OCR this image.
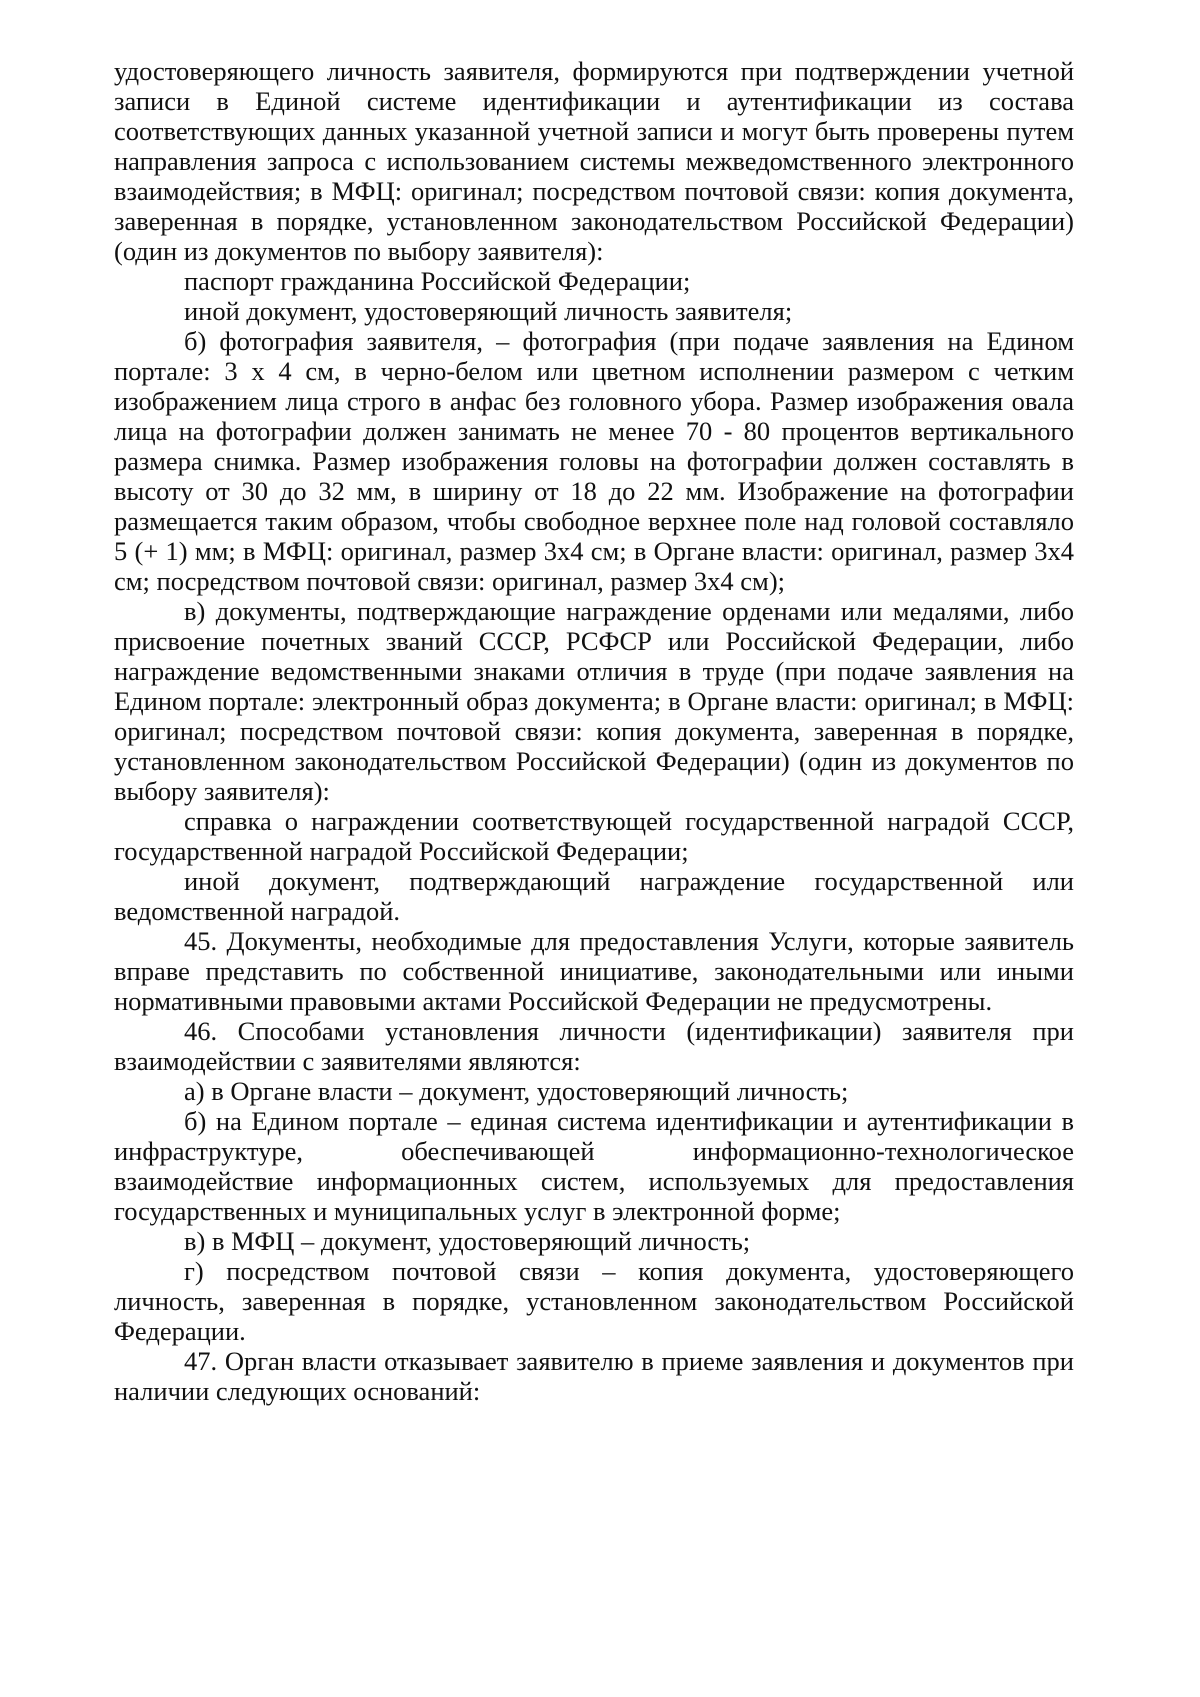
удостоверяющего личность заявителя, формируются при подтверждении учетной записи в Единой системе идентификации и аутентификации из состава соответствующих данных указанной учетной записи и могут быть проверены путем направления запроса с использованием системы межведомственного электронного взаимодействия; в МФЦ: оригинал; посредством почтовой связи: копия документа, заверенная в порядке, установленном законодательством Российской Федерации) (один из документов по выбору заявителя):

паспорт гражданина Российской Федерации;

иной документ, удостоверяющий личность заявителя;

б) фотография заявителя, – фотография (при подаче заявления на Едином портале: 3 х 4 см, в черно-белом или цветном исполнении размером с четким изображением лица строго в анфас без головного убора. Размер изображения овала лица на фотографии должен занимать не менее 70 - 80 процентов вертикального размера снимка. Размер изображения головы на фотографии должен составлять в высоту от 30 до 32 мм, в ширину от 18 до 22 мм. Изображение на фотографии размещается таким образом, чтобы свободное верхнее поле над головой составляло 5 (+ 1) мм; в МФЦ: оригинал, размер 3х4 см; в Органе власти: оригинал, размер 3х4 см; посредством почтовой связи: оригинал, размер 3х4 см);

в) документы, подтверждающие награждение орденами или медалями, либо присвоение почетных званий СССР, РСФСР или Российской Федерации, либо награждение ведомственными знаками отличия в труде (при подаче заявления на Едином портале: электронный образ документа; в Органе власти: оригинал; в МФЦ: оригинал; посредством почтовой связи: копия документа, заверенная в порядке, установленном законодательством Российской Федерации) (один из документов по выбору заявителя):

справка о награждении соответствующей государственной наградой СССР, государственной наградой Российской Федерации;

иной документ, подтверждающий награждение государственной или ведомственной наградой.

45. Документы, необходимые для предоставления Услуги, которые заявитель вправе представить по собственной инициативе, законодательными или иными нормативными правовыми актами Российской Федерации не предусмотрены.

46. Способами установления личности (идентификации) заявителя при взаимодействии с заявителями являются:

а) в Органе власти – документ, удостоверяющий личность;

б) на Едином портале – единая система идентификации и аутентификации в инфраструктуре, обеспечивающей информационно-технологическое взаимодействие информационных систем, используемых для предоставления государственных и муниципальных услуг в электронной форме;

в) в МФЦ – документ, удостоверяющий личность;

г) посредством почтовой связи – копия документа, удостоверяющего личность, заверенная в порядке, установленном законодательством Российской Федерации.

47. Орган власти отказывает заявителю в приеме заявления и документов при наличии следующих оснований:
